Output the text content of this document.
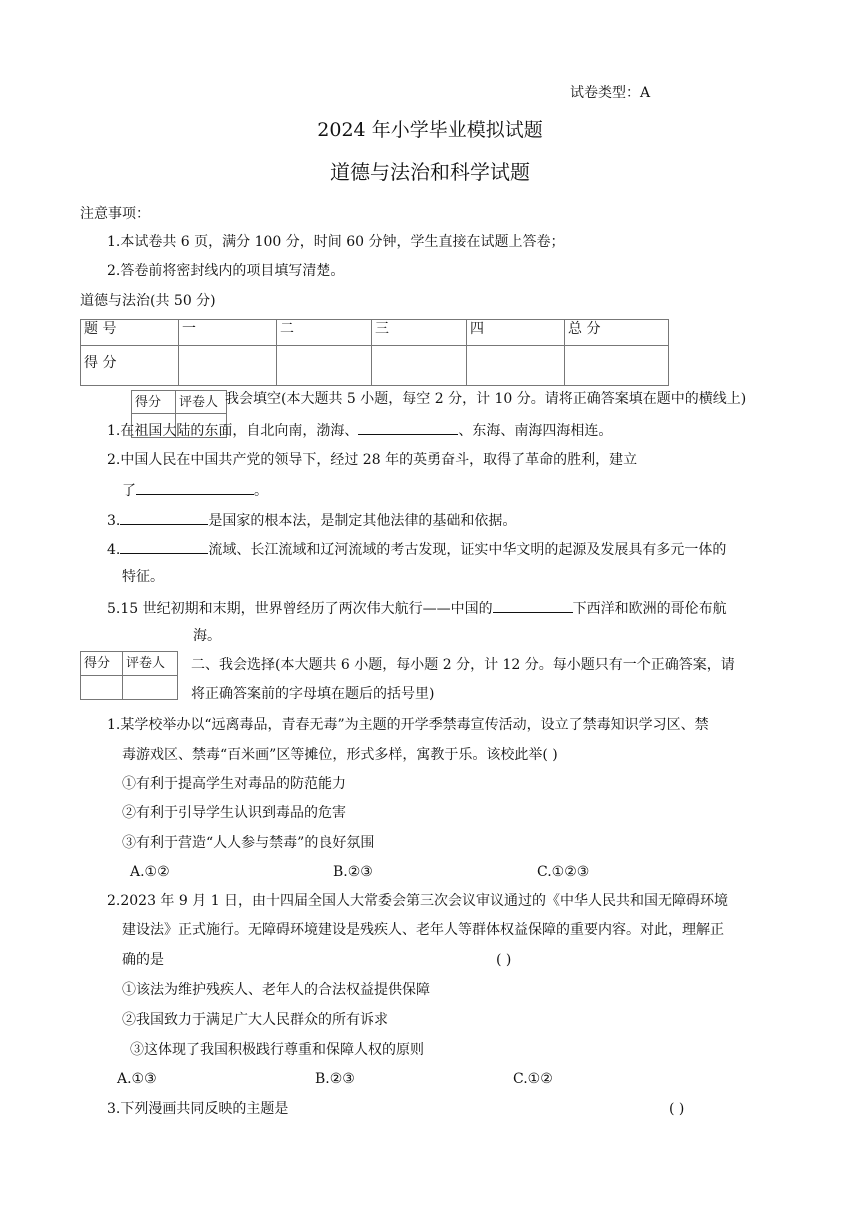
试卷类型：A
2024 年小学毕业模拟试题
道德与法治和科学试题
注意事项：
1.本试卷共 6 页，满分 100 分，时间 60 分钟，学生直接在试题上答卷；
2.答卷前将密封线内的项目填写清楚。
道德与法治(共 50 分)
题 号	一	二	三	四	总 分
得 分					
得分	评卷人
	我会填空(本大题共 5 小题，每空 2 分，计 10 分。请将正确答案填在题中的横线上)
1.在祖国大陆的东面，自北向南，渤海、	、东海、南海四海相连。
2.中国人民在中国共产党的领导下，经过 28 年的英勇奋斗，取得了革命的胜利，建立
了	。
3.	是国家的根本法，是制定其他法律的基础和依据。
4.	流域、长江流域和辽河流域的考古发现，证实中华文明的起源及发展具有多元一体的
特征。
5.15 世纪初期和末期，世界曾经历了两次伟大航行——中国的	下西洋和欧洲的哥伦布航
海。
得分	评卷人
	二、我会选择(本大题共 6 小题，每小题 2 分，计 12 分。每小题只有一个正确答案，请
将正确答案前的字母填在题后的括号里)
1.某学校举办以“远离毒品，青春无毒”为主题的开学季禁毒宣传活动，设立了禁毒知识学习区、禁
毒游戏区、禁毒“百米画”区等摊位，形式多样，寓教于乐。该校此举( )
①有利于提高学生对毒品的防范能力
②有利于引导学生认识到毒品的危害
③有利于营造“人人参与禁毒”的良好氛围
A.①②	B.②③	C.①②③
2.2023 年 9 月 1 日，由十四届全国人大常委会第三次会议审议通过的《中华人民共和国无障碍环境
建设法》正式施行。无障碍环境建设是残疾人、老年人等群体权益保障的重要内容。对此，理解正
确的是	( )
①该法为维护残疾人、老年人的合法权益提供保障
②我国致力于满足广大人民群众的所有诉求
③这体现了我国积极践行尊重和保障人权的原则
A.①③	B.②③	C.①②
3.下列漫画共同反映的主题是	( )
